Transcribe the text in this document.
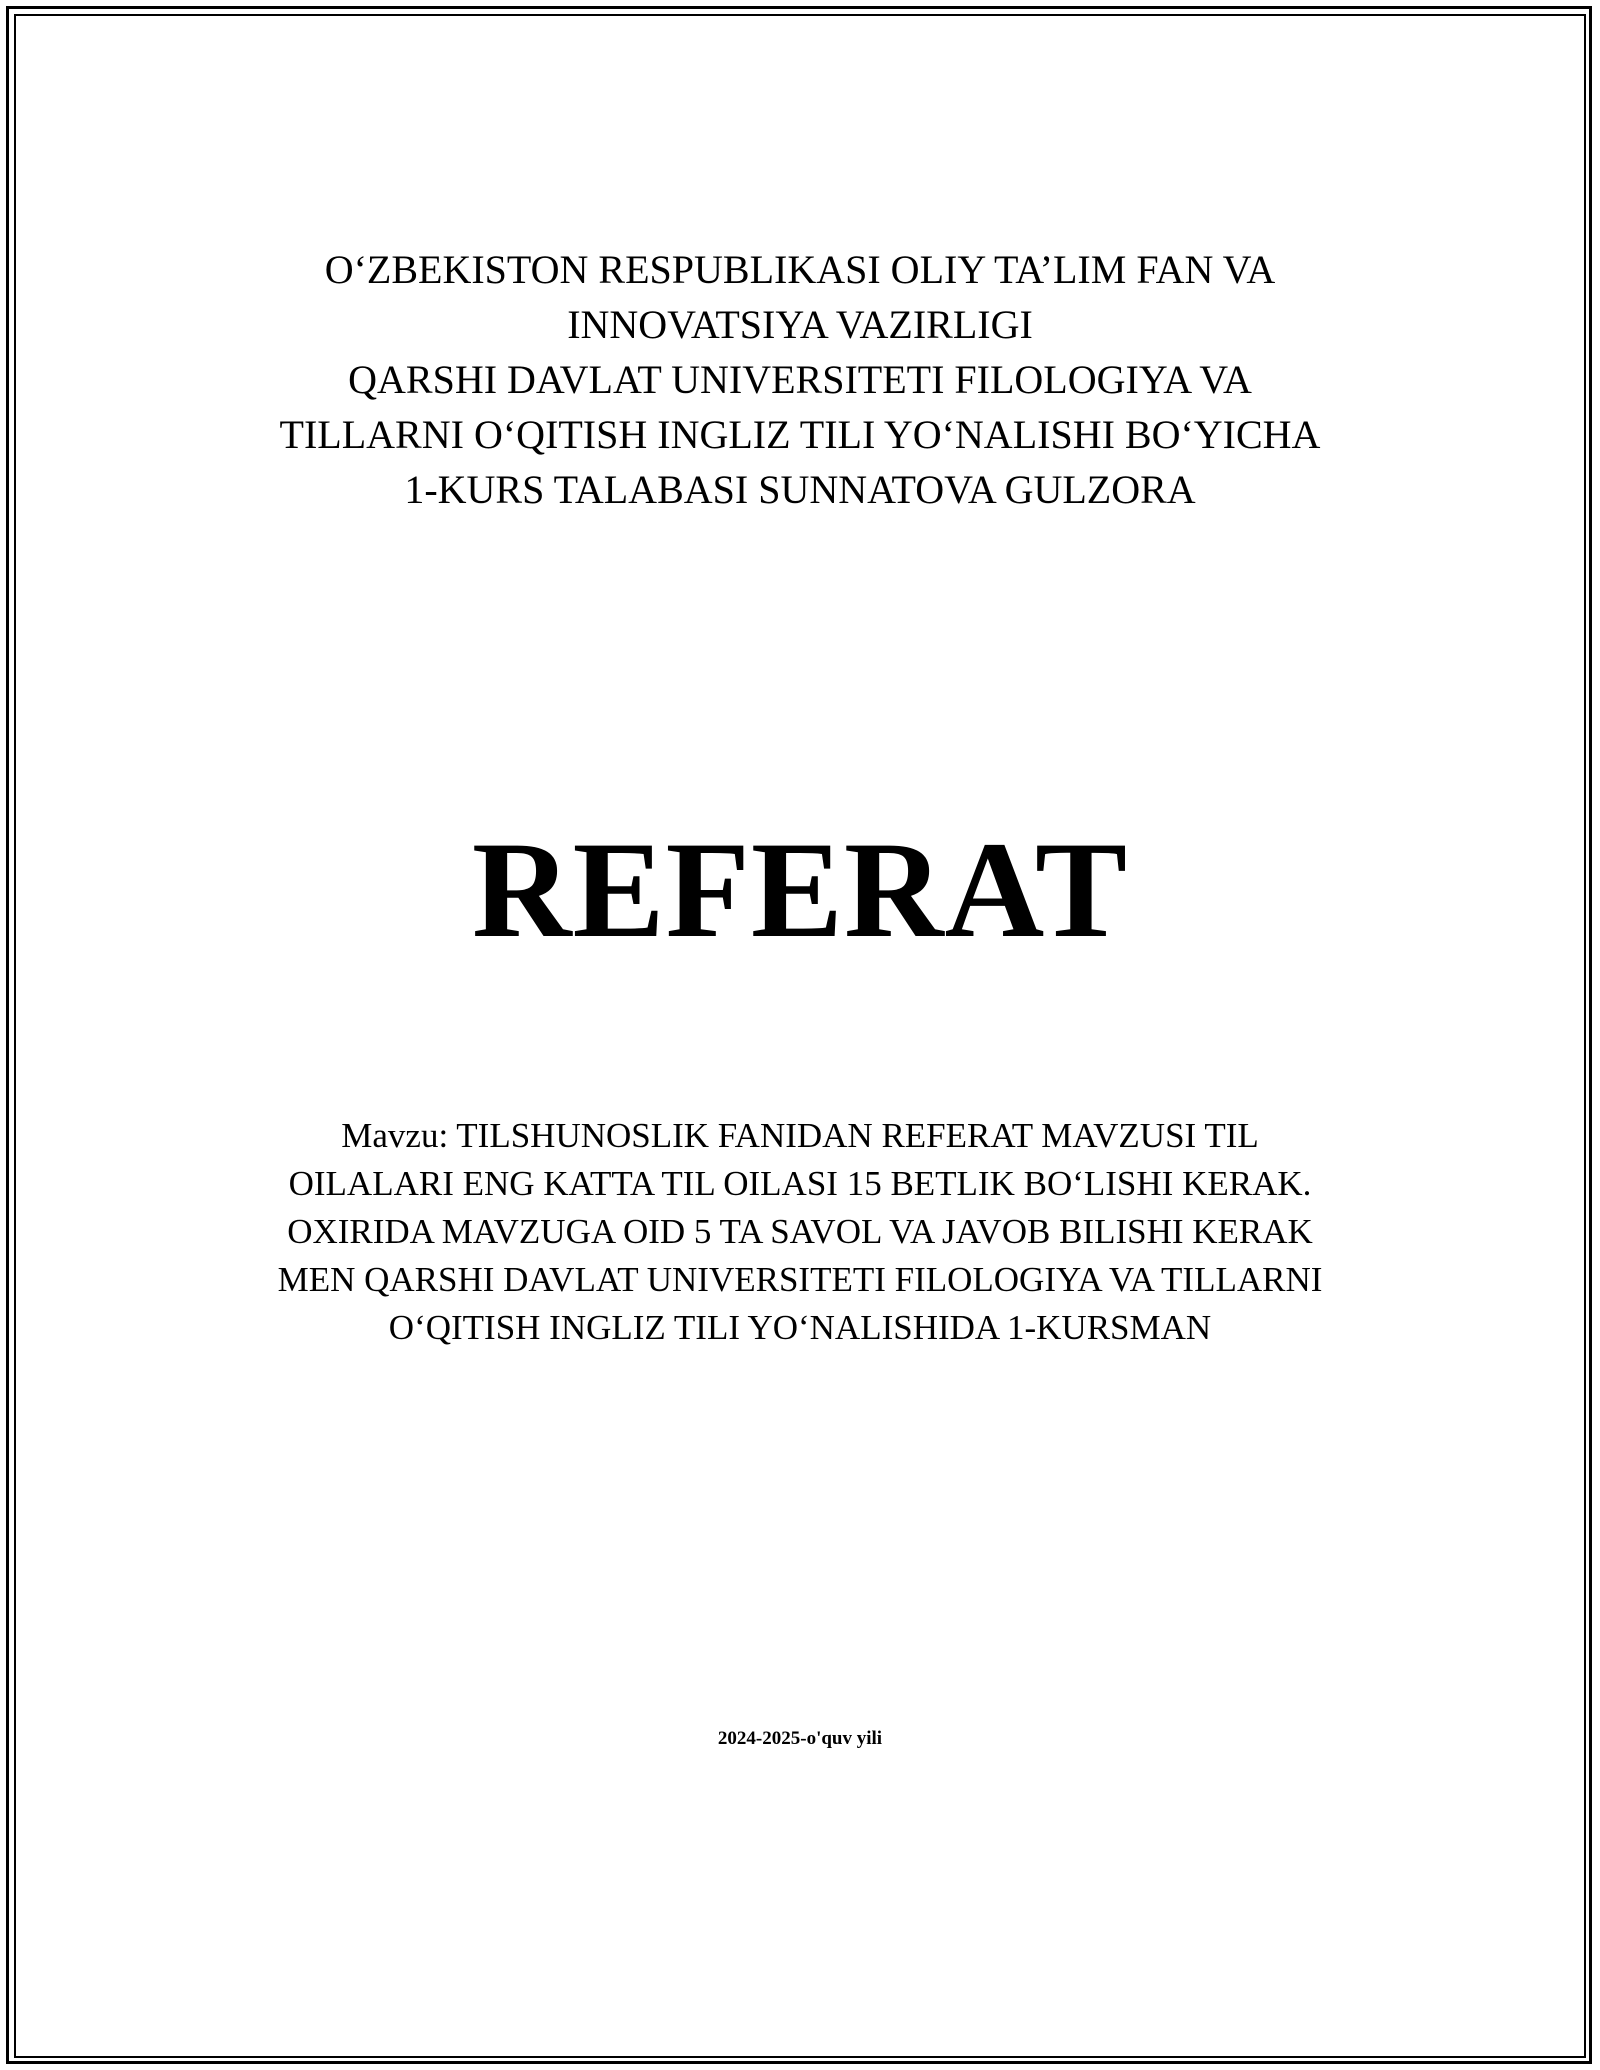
O‘ZBEKISTON RESPUBLIKASI OLIY TA’LIM FAN VA
INNOVATSIYA VAZIRLIGI
QARSHI DAVLAT UNIVERSITETI FILOLOGIYA VA
TILLARNI O‘QITISH INGLIZ TILI YO‘NALISHI BO‘YICHA
1-KURS TALABASI SUNNATOVA GULZORA
REFERAT
Mavzu: TILSHUNOSLIK FANIDAN REFERAT MAVZUSI TIL
OILALARI ENG KATTA TIL OILASI 15 BETLIK BO‘LISHI KERAK.
OXIRIDA MAVZUGA OID 5 TA SAVOL VA JAVOB BILISHI KERAK
MEN QARSHI DAVLAT UNIVERSITETI FILOLOGIYA VA TILLARNI
O‘QITISH INGLIZ TILI YO‘NALISHIDA 1-KURSMAN
2024-2025-o'quv yili
